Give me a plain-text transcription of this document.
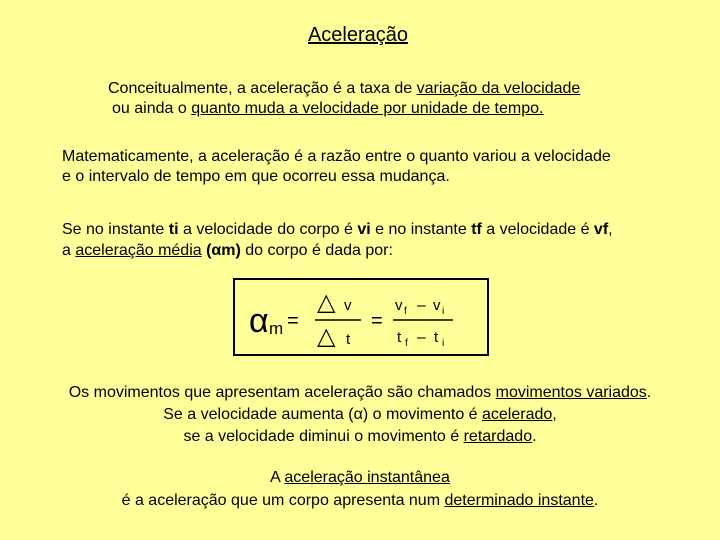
Aceleração
Conceitualmente, a aceleração é a taxa de variação da velocidade
ou ainda o quanto muda a velocidade por unidade de tempo.
Matematicamente, a aceleração é a razão entre o quanto variou a velocidade
e o intervalo de tempo em que ocorreu essa mudança.
Se no instante ti a velocidade do corpo é vi e no instante tf a velocidade é vf,
a aceleração média (αm) do corpo é dada por:
α m =
△ v
△ t
=
v f – v i
t f – t i
Os movimentos que apresentam aceleração são chamados movimentos variados.
Se a velocidade aumenta (α) o movimento é acelerado,
se a velocidade diminui o movimento é retardado.
A aceleração instantânea
é a aceleração que um corpo apresenta num determinado instante.
